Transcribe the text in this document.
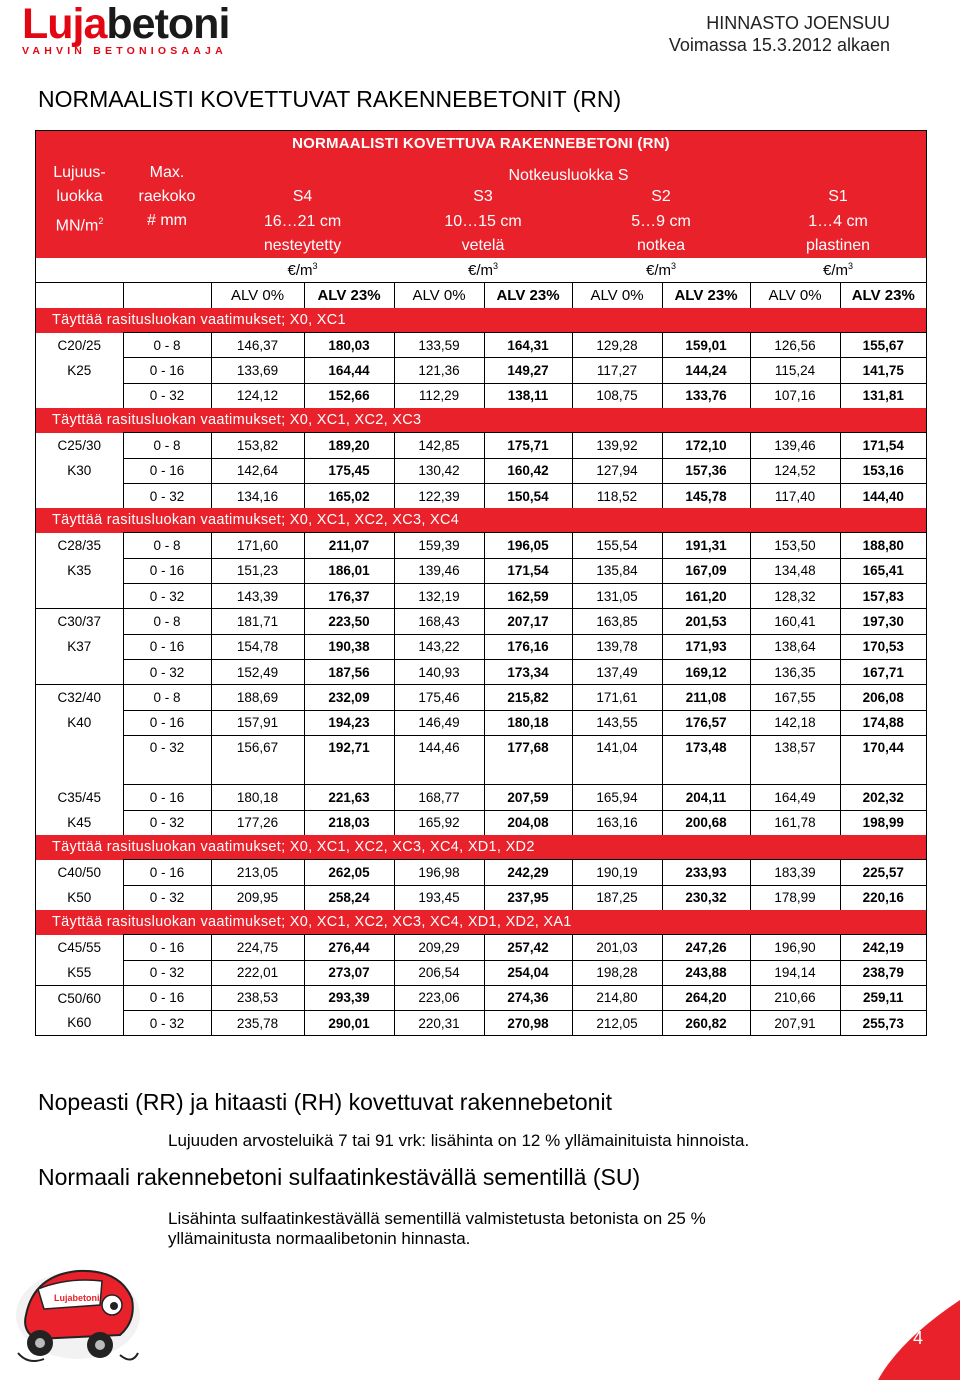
Lujabetoni
VAHVIN BETONIOSAAJA
HINNASTO JOENSUU
Voimassa 15.3.2012 alkaen
NORMAALISTI KOVETTUVAT RAKENNEBETONIT (RN)
NORMAALISTI KOVETTUVA RAKENNEBETONI (RN)									
Lujuus-
luokka
$MN/m^2$	Max.
raekoko
# mm	Notkeusluokka S							
		S4		S3		S2		S1	
		16…21 cm		10…15 cm		5…9 cm		1…4 cm	
		nesteytetty		vetelä		notkea		plastinen	
		$€/m^3$		$€/m^3$		$€/m^3$		$€/m^3$
		ALV 0%	ALV 23%	ALV 0%	ALV 23%	ALV 0%	ALV 23%	ALV 0%	ALV 23%
Täyttää rasitusluokan vaatimukset; X0, XC1									
C20/25	0 - 8	146,37	180,03	133,59	164,31	129,28	159,01	126,56	155,67
K25	0 - 16	133,69	164,44	121,36	149,27	117,27	144,24	115,24	141,75
	0 - 32	124,12	152,66	112,29	138,11	108,75	133,76	107,16	131,81
Täyttää rasitusluokan vaatimukset; X0, XC1, XC2, XC3									
C25/30	0 - 8	153,82	189,20	142,85	175,71	139,92	172,10	139,46	171,54
K30	0 - 16	142,64	175,45	130,42	160,42	127,94	157,36	124,52	153,16
	0 - 32	134,16	165,02	122,39	150,54	118,52	145,78	117,40	144,40
Täyttää rasitusluokan vaatimukset; X0, XC1, XC2, XC3, XC4									
C28/35	0 - 8	171,60	211,07	159,39	196,05	155,54	191,31	153,50	188,80
K35	0 - 16	151,23	186,01	139,46	171,54	135,84	167,09	134,48	165,41
	0 - 32	143,39	176,37	132,19	162,59	131,05	161,20	128,32	157,83
C30/37	0 - 8	181,71	223,50	168,43	207,17	163,85	201,53	160,41	197,30
K37	0 - 16	154,78	190,38	143,22	176,16	139,78	171,93	138,64	170,53
	0 - 32	152,49	187,56	140,93	173,34	137,49	169,12	136,35	167,71
C32/40	0 - 8	188,69	232,09	175,46	215,82	171,61	211,08	167,55	206,08
K40	0 - 16	157,91	194,23	146,49	180,18	143,55	176,57	142,18	174,88
	0 - 32	156,67	192,71	144,46	177,68	141,04	173,48	138,57	170,44

C35/45	0 - 16	180,18	221,63	168,77	207,59	165,94	204,11	164,49	202,32
K45	0 - 32	177,26	218,03	165,92	204,08	163,16	200,68	161,78	198,99
Täyttää rasitusluokan vaatimukset; X0, XC1, XC2, XC3, XC4, XD1, XD2									
C40/50	0 - 16	213,05	262,05	196,98	242,29	190,19	233,93	183,39	225,57
K50	0 - 32	209,95	258,24	193,45	237,95	187,25	230,32	178,99	220,16
Täyttää rasitusluokan vaatimukset; X0, XC1, XC2, XC3, XC4, XD1, XD2, XA1									
C45/55	0 - 16	224,75	276,44	209,29	257,42	201,03	247,26	196,90	242,19
K55	0 - 32	222,01	273,07	206,54	254,04	198,28	243,88	194,14	238,79
C50/60	0 - 16	238,53	293,39	223,06	274,36	214,80	264,20	210,66	259,11
K60	0 - 32	235,78	290,01	220,31	270,98	212,05	260,82	207,91	255,73
Nopeasti (RR) ja hitaasti (RH) kovettuvat rakennebetonit
Lujuuden arvosteluikä 7 tai 91 vrk: lisähinta on 12 % yllämainituista hinnoista.
Normaali rakennebetoni sulfaatinkestävällä sementillä (SU)
Lisähinta sulfaatinkestävällä sementillä valmistetusta betonista on 25 %
yllämainitusta normaalibetonin hinnasta.
Lujabetoni
4
